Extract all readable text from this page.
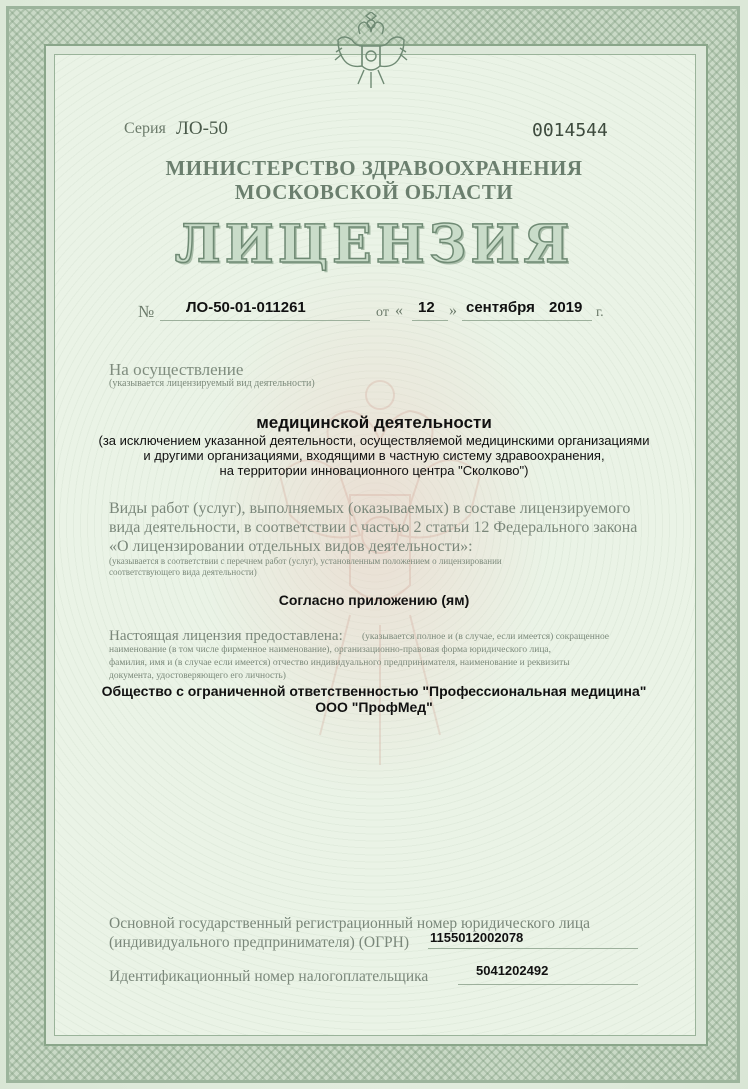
Серия ЛО-50	0014544
МИНИСТЕРСТВО ЗДРАВООХРАНЕНИЯ
МОСКОВСКОЙ ОБЛАСТИ
ЛИЦЕНЗИЯ
№ ЛО-50-01-011261	от « 12 » сентября 2019 г.
На осуществление
(указывается лицензируемый вид деятельности)
медицинской деятельности
(за исключением указанной деятельности, осуществляемой медицинскими организациями
и другими организациями, входящими в частную систему здравоохранения,
на территории инновационного центра "Сколково")
Виды работ (услуг), выполняемых (оказываемых) в составе лицензируемого
вида деятельности, в соответствии с частью 2 статьи 12 Федерального закона
«О лицензировании отдельных видов деятельности»:
(указывается в соответствии с перечнем работ (услуг), установленным положением о лицензировании
соответствующего вида деятельности)
Согласно приложению (ям)
Настоящая лицензия предоставлена: (указывается полное и (в случае, если имеется) сокращенное
наименование (в том числе фирменное наименование), организационно-правовая форма юридического лица,
фамилия, имя и (в случае если имеется) отчество индивидуального предпринимателя, наименование и реквизиты
документа, удостоверяющего его личность)
Общество с ограниченной ответственностью "Профессиональная медицина"
ООО "ПрофМед"
Основной государственный регистрационный номер юридического лица
(индивидуального предпринимателя) (ОГРН) 1155012002078
Идентификационный номер налогоплательщика	5041202492
